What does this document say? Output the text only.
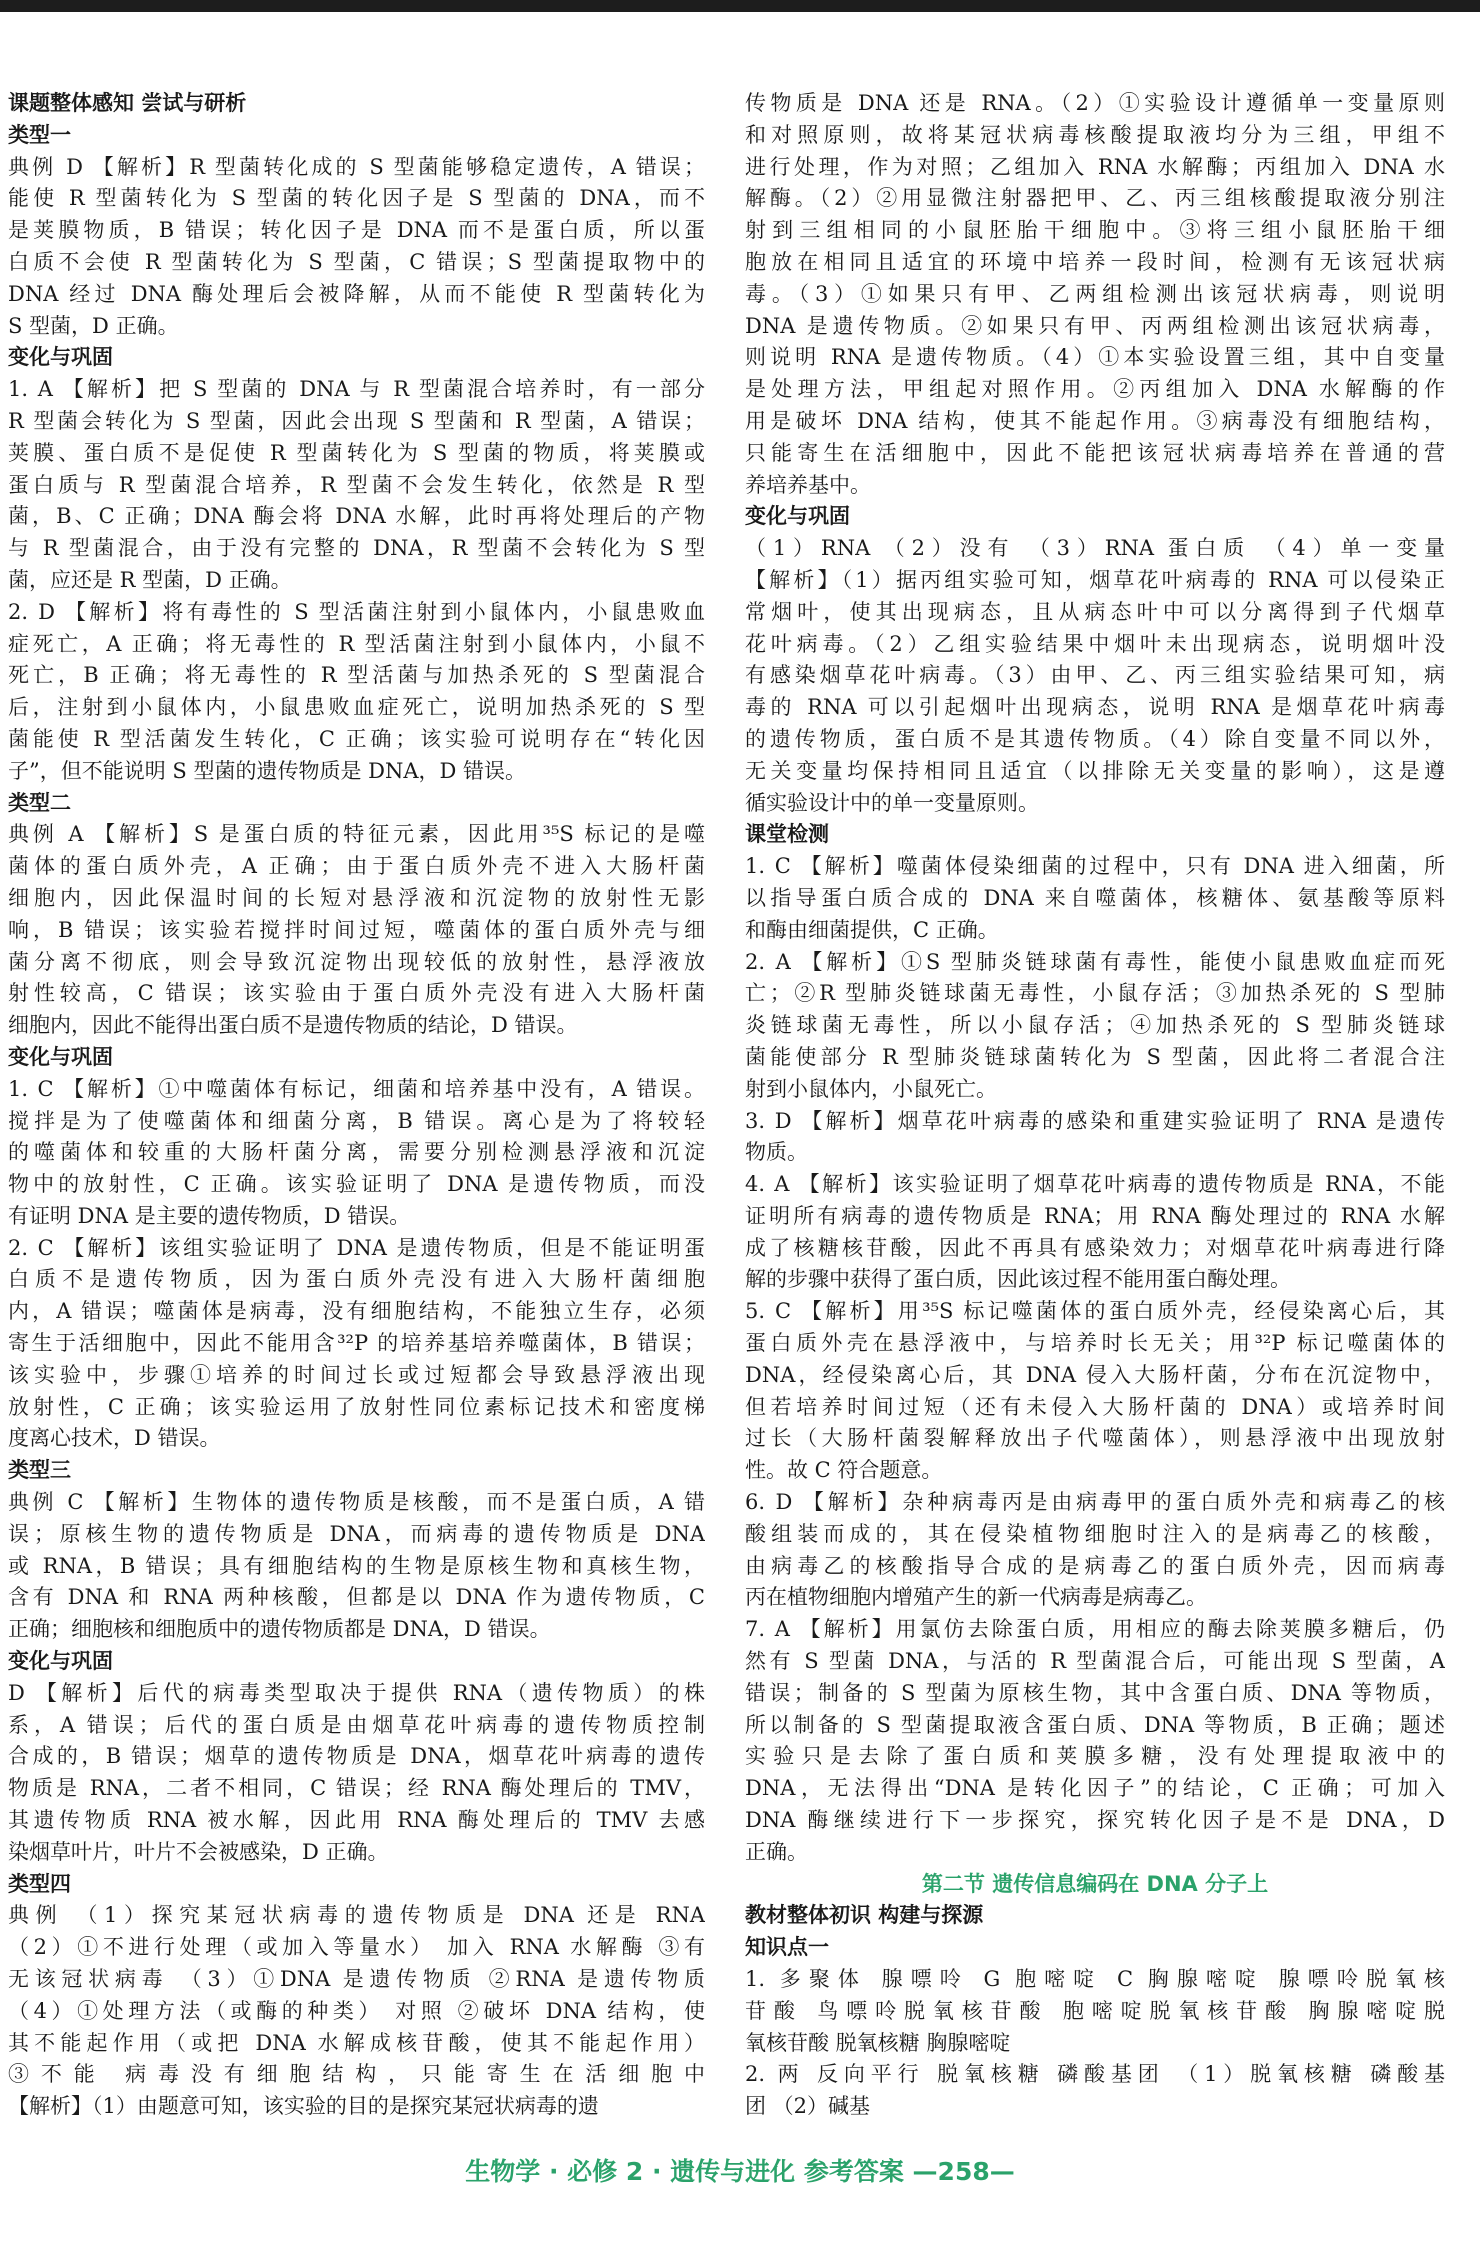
课题整体感知 尝试与研析
类型一
典例 D 【解析】R 型菌转化成的 S 型菌能够稳定遗传，A 错误；
能使 R 型菌转化为 S 型菌的转化因子是 S 型菌的 DNA，而不
是荚膜物质，B 错误；转化因子是 DNA 而不是蛋白质，所以蛋
白质不会使 R 型菌转化为 S 型菌，C 错误；S 型菌提取物中的
DNA 经过 DNA 酶处理后会被降解，从而不能使 R 型菌转化为
S 型菌，D 正确。
变化与巩固
1. A 【解析】把 S 型菌的 DNA 与 R 型菌混合培养时，有一部分
R 型菌会转化为 S 型菌，因此会出现 S 型菌和 R 型菌，A 错误；
荚膜、蛋白质不是促使 R 型菌转化为 S 型菌的物质，将荚膜或
蛋白质与 R 型菌混合培养，R 型菌不会发生转化，依然是 R 型
菌，B、C 正确；DNA 酶会将 DNA 水解，此时再将处理后的产物
与 R 型菌混合，由于没有完整的 DNA，R 型菌不会转化为 S 型
菌，应还是 R 型菌，D 正确。
2. D 【解析】将有毒性的 S 型活菌注射到小鼠体内，小鼠患败血
症死亡，A 正确；将无毒性的 R 型活菌注射到小鼠体内，小鼠不
死亡，B 正确；将无毒性的 R 型活菌与加热杀死的 S 型菌混合
后，注射到小鼠体内，小鼠患败血症死亡，说明加热杀死的 S 型
菌能使 R 型活菌发生转化，C 正确；该实验可说明存在“转化因
子”，但不能说明 S 型菌的遗传物质是 DNA，D 错误。
类型二
典例 A 【解析】S 是蛋白质的特征元素，因此用³⁵S 标记的是噬
菌体的蛋白质外壳，A 正确；由于蛋白质外壳不进入大肠杆菌
细胞内，因此保温时间的长短对悬浮液和沉淀物的放射性无影
响，B 错误；该实验若搅拌时间过短，噬菌体的蛋白质外壳与细
菌分离不彻底，则会导致沉淀物出现较低的放射性，悬浮液放
射性较高，C 错误；该实验由于蛋白质外壳没有进入大肠杆菌
细胞内，因此不能得出蛋白质不是遗传物质的结论，D 错误。
变化与巩固
1. C 【解析】①中噬菌体有标记，细菌和培养基中没有，A 错误。
搅拌是为了使噬菌体和细菌分离，B 错误。离心是为了将较轻
的噬菌体和较重的大肠杆菌分离，需要分别检测悬浮液和沉淀
物中的放射性，C 正确。该实验证明了 DNA 是遗传物质，而没
有证明 DNA 是主要的遗传物质，D 错误。
2. C 【解析】该组实验证明了 DNA 是遗传物质，但是不能证明蛋
白质不是遗传物质，因为蛋白质外壳没有进入大肠杆菌细胞
内，A 错误；噬菌体是病毒，没有细胞结构，不能独立生存，必须
寄生于活细胞中，因此不能用含³²P 的培养基培养噬菌体，B 错误；
该实验中，步骤①培养的时间过长或过短都会导致悬浮液出现
放射性，C 正确；该实验运用了放射性同位素标记技术和密度梯
度离心技术，D 错误。
类型三
典例 C 【解析】生物体的遗传物质是核酸，而不是蛋白质，A 错
误；原核生物的遗传物质是 DNA，而病毒的遗传物质是 DNA
或 RNA，B 错误；具有细胞结构的生物是原核生物和真核生物，
含有 DNA 和 RNA 两种核酸，但都是以 DNA 作为遗传物质，C
正确；细胞核和细胞质中的遗传物质都是 DNA，D 错误。
变化与巩固
D 【解析】后代的病毒类型取决于提供 RNA（遗传物质）的株
系，A 错误；后代的蛋白质是由烟草花叶病毒的遗传物质控制
合成的，B 错误；烟草的遗传物质是 DNA，烟草花叶病毒的遗传
物质是 RNA，二者不相同，C 错误；经 RNA 酶处理后的 TMV，
其遗传物质 RNA 被水解，因此用 RNA 酶处理后的 TMV 去感
染烟草叶片，叶片不会被感染，D 正确。
类型四
典例 （1）探究某冠状病毒的遗传物质是 DNA 还是 RNA
（2）①不进行处理（或加入等量水） 加入 RNA 水解酶 ③有
无该冠状病毒 （3）①DNA 是遗传物质 ②RNA 是遗传物质
（4）①处理方法（或酶的种类） 对照 ②破坏 DNA 结构，使
其不能起作用（或把 DNA 水解成核苷酸，使其不能起作用）
③不能 病毒没有细胞结构，只能寄生在活细胞中
【解析】（1）由题意可知，该实验的目的是探究某冠状病毒的遗
传物质是 DNA 还是 RNA。（2）①实验设计遵循单一变量原则
和对照原则，故将某冠状病毒核酸提取液均分为三组，甲组不
进行处理，作为对照；乙组加入 RNA 水解酶；丙组加入 DNA 水
解酶。（2）②用显微注射器把甲、乙、丙三组核酸提取液分别注
射到三组相同的小鼠胚胎干细胞中。③将三组小鼠胚胎干细
胞放在相同且适宜的环境中培养一段时间，检测有无该冠状病
毒。（3）①如果只有甲、乙两组检测出该冠状病毒，则说明
DNA 是遗传物质。②如果只有甲、丙两组检测出该冠状病毒，
则说明 RNA 是遗传物质。（4）①本实验设置三组，其中自变量
是处理方法，甲组起对照作用。②丙组加入 DNA 水解酶的作
用是破坏 DNA 结构，使其不能起作用。③病毒没有细胞结构，
只能寄生在活细胞中，因此不能把该冠状病毒培养在普通的营
养培养基中。
变化与巩固
（1）RNA （2）没有 （3）RNA 蛋白质 （4）单一变量
【解析】（1）据丙组实验可知，烟草花叶病毒的 RNA 可以侵染正
常烟叶，使其出现病态，且从病态叶中可以分离得到子代烟草
花叶病毒。（2）乙组实验结果中烟叶未出现病态，说明烟叶没
有感染烟草花叶病毒。（3）由甲、乙、丙三组实验结果可知，病
毒的 RNA 可以引起烟叶出现病态，说明 RNA 是烟草花叶病毒
的遗传物质，蛋白质不是其遗传物质。（4）除自变量不同以外，
无关变量均保持相同且适宜（以排除无关变量的影响），这是遵
循实验设计中的单一变量原则。
课堂检测
1. C 【解析】噬菌体侵染细菌的过程中，只有 DNA 进入细菌，所
以指导蛋白质合成的 DNA 来自噬菌体，核糖体、氨基酸等原料
和酶由细菌提供，C 正确。
2. A 【解析】①S 型肺炎链球菌有毒性，能使小鼠患败血症而死
亡；②R 型肺炎链球菌无毒性，小鼠存活；③加热杀死的 S 型肺
炎链球菌无毒性，所以小鼠存活；④加热杀死的 S 型肺炎链球
菌能使部分 R 型肺炎链球菌转化为 S 型菌，因此将二者混合注
射到小鼠体内，小鼠死亡。
3. D 【解析】烟草花叶病毒的感染和重建实验证明了 RNA 是遗传
物质。
4. A 【解析】该实验证明了烟草花叶病毒的遗传物质是 RNA，不能
证明所有病毒的遗传物质是 RNA；用 RNA 酶处理过的 RNA 水解
成了核糖核苷酸，因此不再具有感染效力；对烟草花叶病毒进行降
解的步骤中获得了蛋白质，因此该过程不能用蛋白酶处理。
5. C 【解析】用³⁵S 标记噬菌体的蛋白质外壳，经侵染离心后，其
蛋白质外壳在悬浮液中，与培养时长无关；用³²P 标记噬菌体的
DNA，经侵染离心后，其 DNA 侵入大肠杆菌，分布在沉淀物中，
但若培养时间过短（还有未侵入大肠杆菌的 DNA）或培养时间
过长（大肠杆菌裂解释放出子代噬菌体），则悬浮液中出现放射
性。故 C 符合题意。
6. D 【解析】杂种病毒丙是由病毒甲的蛋白质外壳和病毒乙的核
酸组装而成的，其在侵染植物细胞时注入的是病毒乙的核酸，
由病毒乙的核酸指导合成的是病毒乙的蛋白质外壳，因而病毒
丙在植物细胞内增殖产生的新一代病毒是病毒乙。
7. A 【解析】用氯仿去除蛋白质，用相应的酶去除荚膜多糖后，仍
然有 S 型菌 DNA，与活的 R 型菌混合后，可能出现 S 型菌，A
错误；制备的 S 型菌为原核生物，其中含蛋白质、DNA 等物质，
所以制备的 S 型菌提取液含蛋白质、DNA 等物质，B 正确；题述
实验只是去除了蛋白质和荚膜多糖，没有处理提取液中的
DNA，无法得出“DNA 是转化因子”的结论，C 正确；可加入
DNA 酶继续进行下一步探究，探究转化因子是不是 DNA，D
正确。
第二节 遗传信息编码在 DNA 分子上
教材整体初识 构建与探源
知识点一
1. 多聚体 腺嘌呤 G 胞嘧啶 C 胸腺嘧啶 腺嘌呤脱氧核
苷酸 鸟嘌呤脱氧核苷酸 胞嘧啶脱氧核苷酸 胸腺嘧啶脱
氧核苷酸 脱氧核糖 胸腺嘧啶
2. 两 反向平行 脱氧核糖 磷酸基团 （1）脱氧核糖 磷酸基
团 （2）碱基
生物学 · 必修 2 · 遗传与进化 参考答案 —258—
